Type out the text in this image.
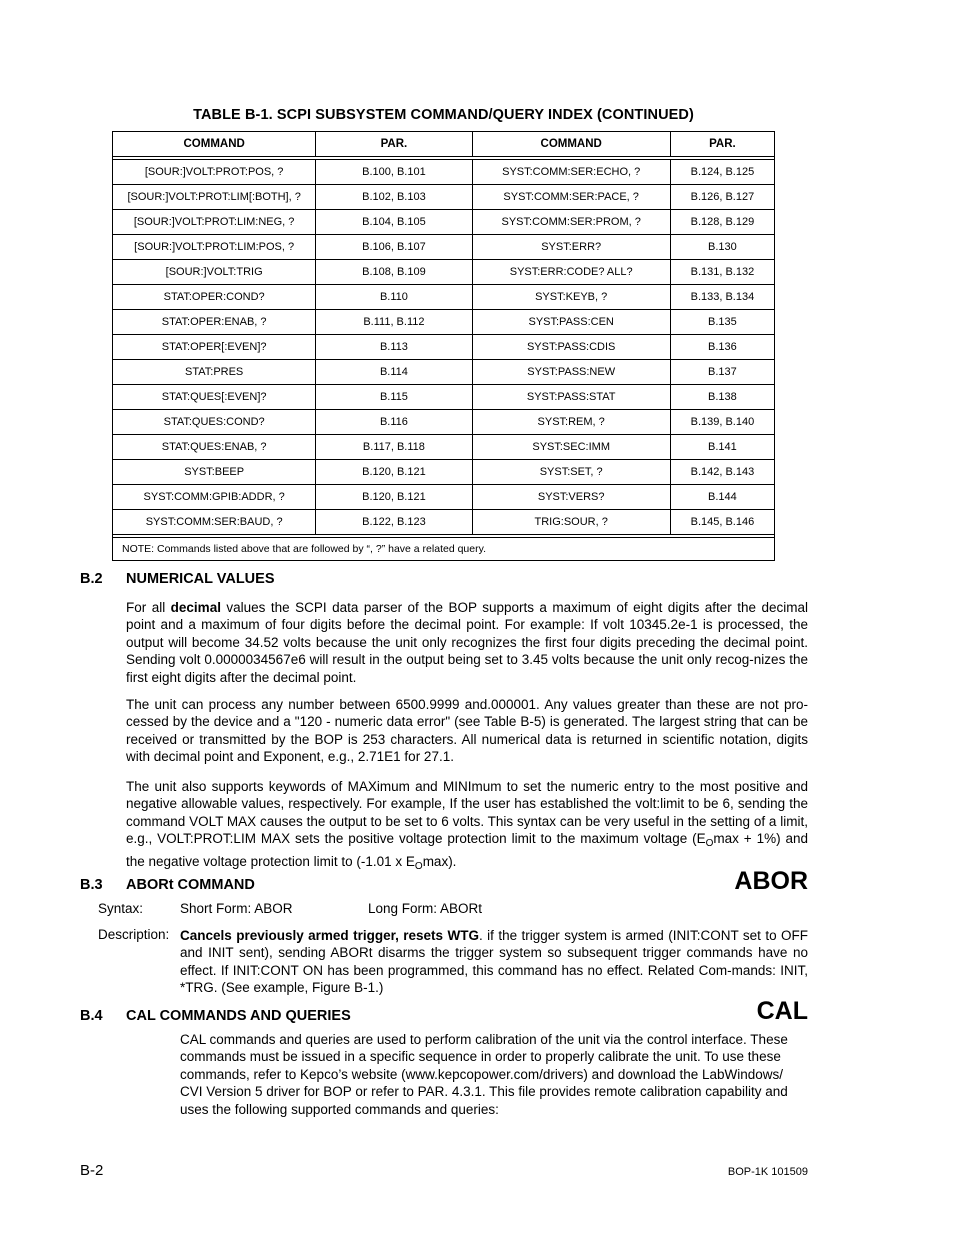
TABLE B-1. SCPI SUBSYSTEM COMMAND/QUERY INDEX (CONTINUED)
COMMAND	PAR.	COMMAND	PAR.

[SOUR:]VOLT:PROT:POS, ?	B.100, B.101	SYST:COMM:SER:ECHO, ?	B.124, B.125
[SOUR:]VOLT:PROT:LIM[:BOTH], ?	B.102, B.103	SYST:COMM:SER:PACE, ?	B.126, B.127
[SOUR:]VOLT:PROT:LIM:NEG, ?	B.104, B.105	SYST:COMM:SER:PROM, ?	B.128, B.129
[SOUR:]VOLT:PROT:LIM:POS, ?	B.106, B.107	SYST:ERR?	B.130
[SOUR:]VOLT:TRIG	B.108, B.109	SYST:ERR:CODE? ALL?	B.131, B.132
STAT:OPER:COND?	B.110	SYST:KEYB, ?	B.133, B.134
STAT:OPER:ENAB, ?	B.111, B.112	SYST:PASS:CEN	B.135
STAT:OPER[:EVEN]?	B.113	SYST:PASS:CDIS	B.136
STAT:PRES	B.114	SYST:PASS:NEW	B.137
STAT:QUES[:EVEN]?	B.115	SYST:PASS:STAT	B.138
STAT:QUES:COND?	B.116	SYST:REM, ?	B.139, B.140
STAT:QUES:ENAB, ?	B.117, B.118	SYST:SEC:IMM	B.141
SYST:BEEP	B.120, B.121	SYST:SET, ?	B.142, B.143
SYST:COMM:GPIB:ADDR, ?	B.120, B.121	SYST:VERS?	B.144
SYST:COMM:SER:BAUD, ?	B.122, B.123	TRIG:SOUR, ?	B.145, B.146

NOTE: Commands listed above that are followed by “, ?” have a related query.			
B.2 NUMERICAL VALUES
For all decimal values the SCPI data parser of the BOP supports a maximum of eight digits after the decimal point and a maximum of four digits before the decimal point. For example: If volt 10345.2e-1 is processed, the output will become 34.52 volts because the unit only recognizes the first four digits preceding the decimal point. Sending volt 0.0000034567e6 will result in the output being set to 3.45 volts because the unit only recog-nizes the first eight digits after the decimal point.
The unit can process any number between 6500.9999 and.000001. Any values greater than these are not pro-cessed by the device and a "120 - numeric data error" (see Table B-5) is generated. The largest string that can be received or transmitted by the BOP is 253 characters. All numerical data is returned in scientific notation, digits with decimal point and Exponent, e.g., 2.71E1 for 27.1.
The unit also supports keywords of MAXimum and MINImum to set the numeric entry to the most positive and negative allowable values, respectively. For example, If the user has established the volt:limit to be 6, sending the command VOLT MAX causes the output to be set to 6 volts. This syntax can be very useful in the setting of a limit, e.g., VOLT:PROT:LIM MAX sets the positive voltage protection limit to the maximum voltage $(E_O\max + 1\%)$ and the negative voltage protection limit to (-1.01 x $E_O\max$).
B.3 ABORt COMMAND	ABOR
Syntax:	Short Form: ABOR	Long Form: ABORt
Description: Cancels previously armed trigger, resets WTG. if the trigger system is armed (INIT:CONT set to OFF and INIT sent), sending ABORt disarms the trigger system so subsequent trigger commands have no effect. If INIT:CONT ON has been programmed, this command has no effect. Related Com-mands: INIT, *TRG. (See example, Figure B-1.)
B.4 CAL COMMANDS AND QUERIES	CAL
CAL commands and queries are used to perform calibration of the unit via the control interface. These commands must be issued in a specific sequence in order to properly calibrate the unit. To use these commands, refer to Kepco’s website (www.kepcopower.com/drivers) and download the LabWindows/ CVI Version 5 driver for BOP or refer to PAR. 4.3.1. This file provides remote calibration capability and uses the following supported commands and queries:
B-2	BOP-1K 101509
